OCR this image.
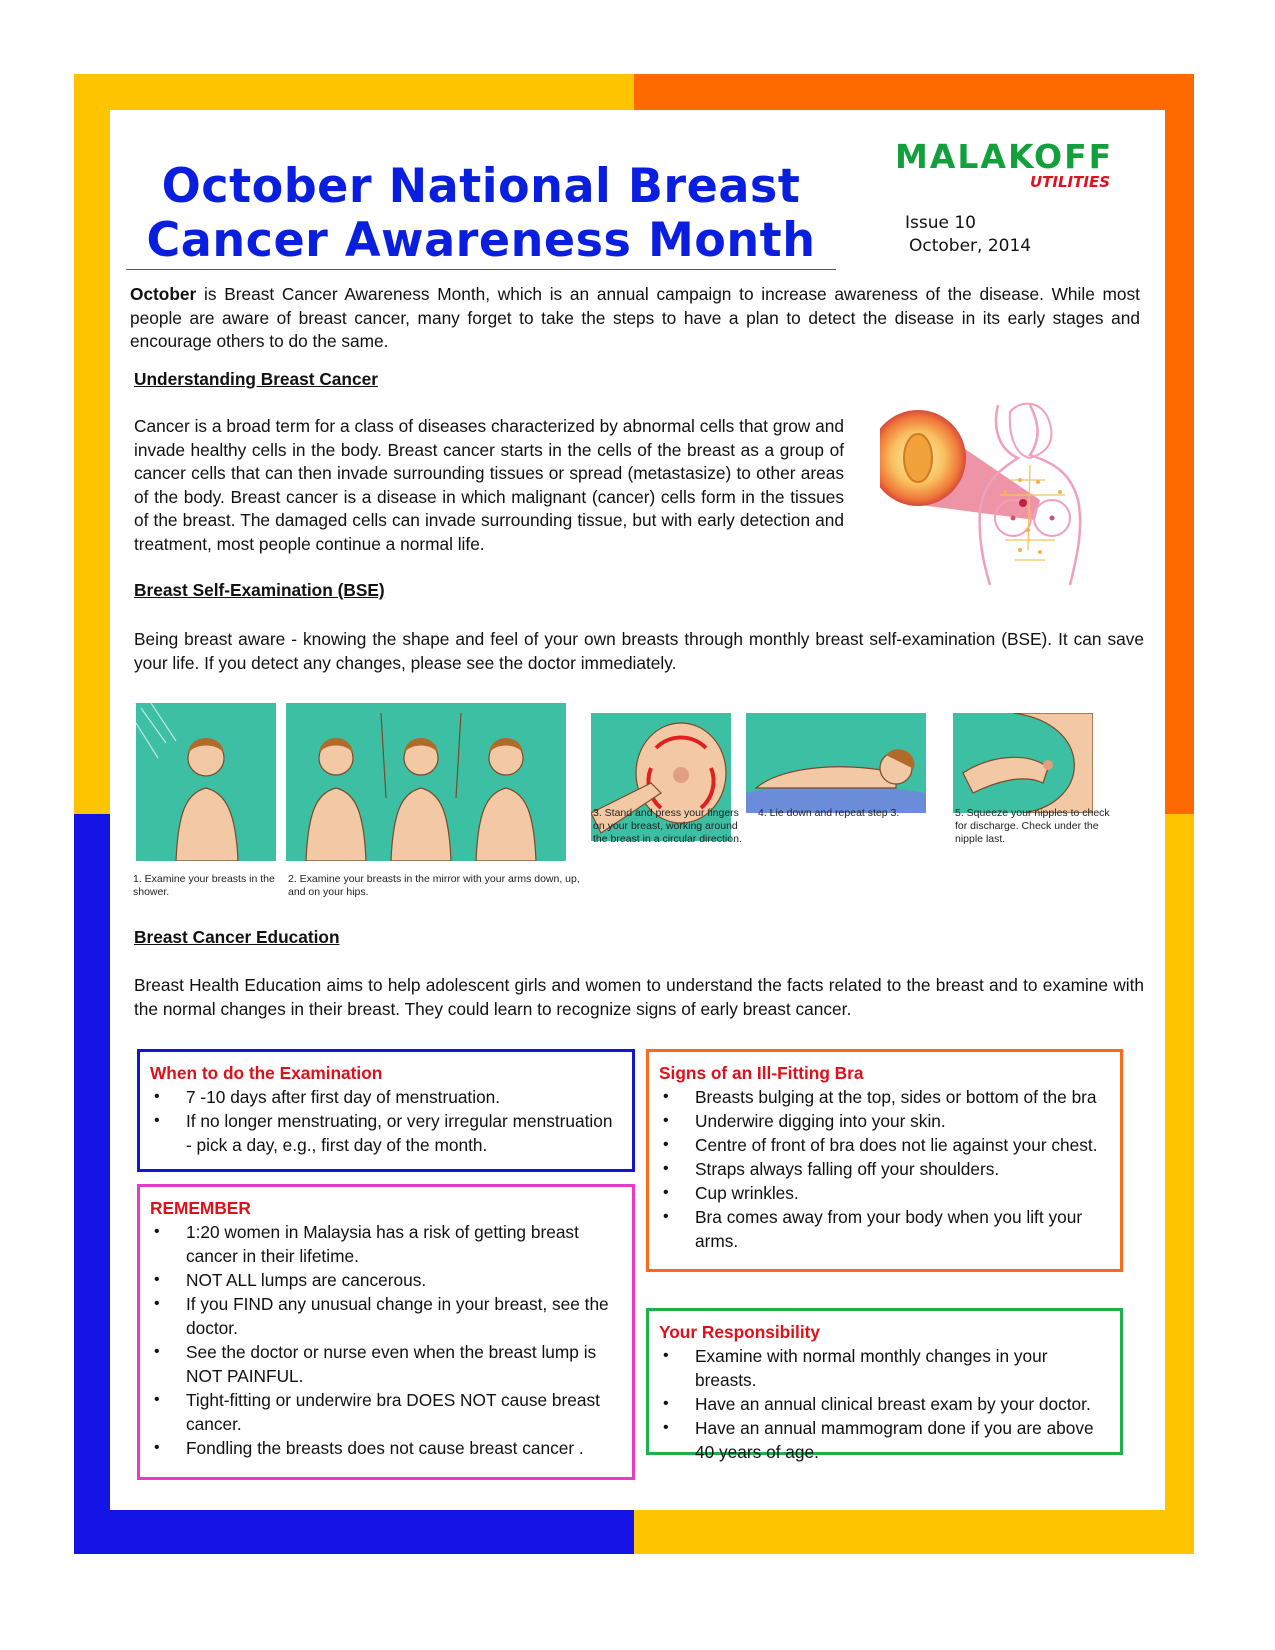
October National Breast
Cancer Awareness Month
MALAKOFF
UTILITIES
Issue 10
October, 2014
October is Breast Cancer Awareness Month, which is an annual campaign to increase awareness of the disease. While most people are aware of breast cancer, many forget to take the steps to have a plan to detect the disease in its early stages and encourage others to do the same.
Understanding Breast Cancer
Cancer is a broad term for a class of diseases characterized by abnormal cells that grow and invade healthy cells in the body. Breast cancer starts in the cells of the breast as a group of cancer cells that can then invade surrounding tissues or spread (metastasize) to other areas of the body. Breast cancer is a disease in which malignant (cancer) cells form in the tissues of the breast. The damaged cells can invade surrounding tissue, but with early detection and treatment, most people continue a normal life.
Breast Self-Examination (BSE)
Being breast aware - knowing the shape and feel of your own breasts through monthly breast self-examination (BSE). It can save your life. If you detect any changes, please see the doctor immediately.
1. Examine your breasts in the shower.
2. Examine your breasts in the mirror with your arms down, up, and on your hips.
3. Stand and press your fingers on your breast, working around the breast in a circular direction.
4. Lie down and repeat step 3.	5. Squeeze your nipples to check for discharge. Check under the nipple last.
Breast Cancer Education
Breast Health Education aims to help adolescent girls and women to understand the facts related to the breast and to examine with the normal changes in their breast. They could learn to recognize signs of early breast cancer.
When to do the Examination
• 7 -10 days after first day of menstruation.
• If no longer menstruating, or very irregular menstruation - pick a day, e.g., first day of the month.
REMEMBER
• 1:20 women in Malaysia has a risk of getting breast cancer in their lifetime.
• NOT ALL lumps are cancerous.
• If you FIND any unusual change in your breast, see the doctor.
• See the doctor or nurse even when the breast lump is NOT PAINFUL.
• Tight-fitting or underwire bra DOES NOT cause breast cancer.
• Fondling the breasts does not cause breast cancer .
Signs of an Ill-Fitting Bra
• Breasts bulging at the top, sides or bottom of the bra
• Underwire digging into your skin.
• Centre of front of bra does not lie against your chest.
• Straps always falling off your shoulders.
• Cup wrinkles.
• Bra comes away from your body when you lift your arms.
Your Responsibility
• Examine with normal monthly changes in your breasts.
• Have an annual clinical breast exam by your doctor.
• Have an annual mammogram done if you are above 40 years of age.
